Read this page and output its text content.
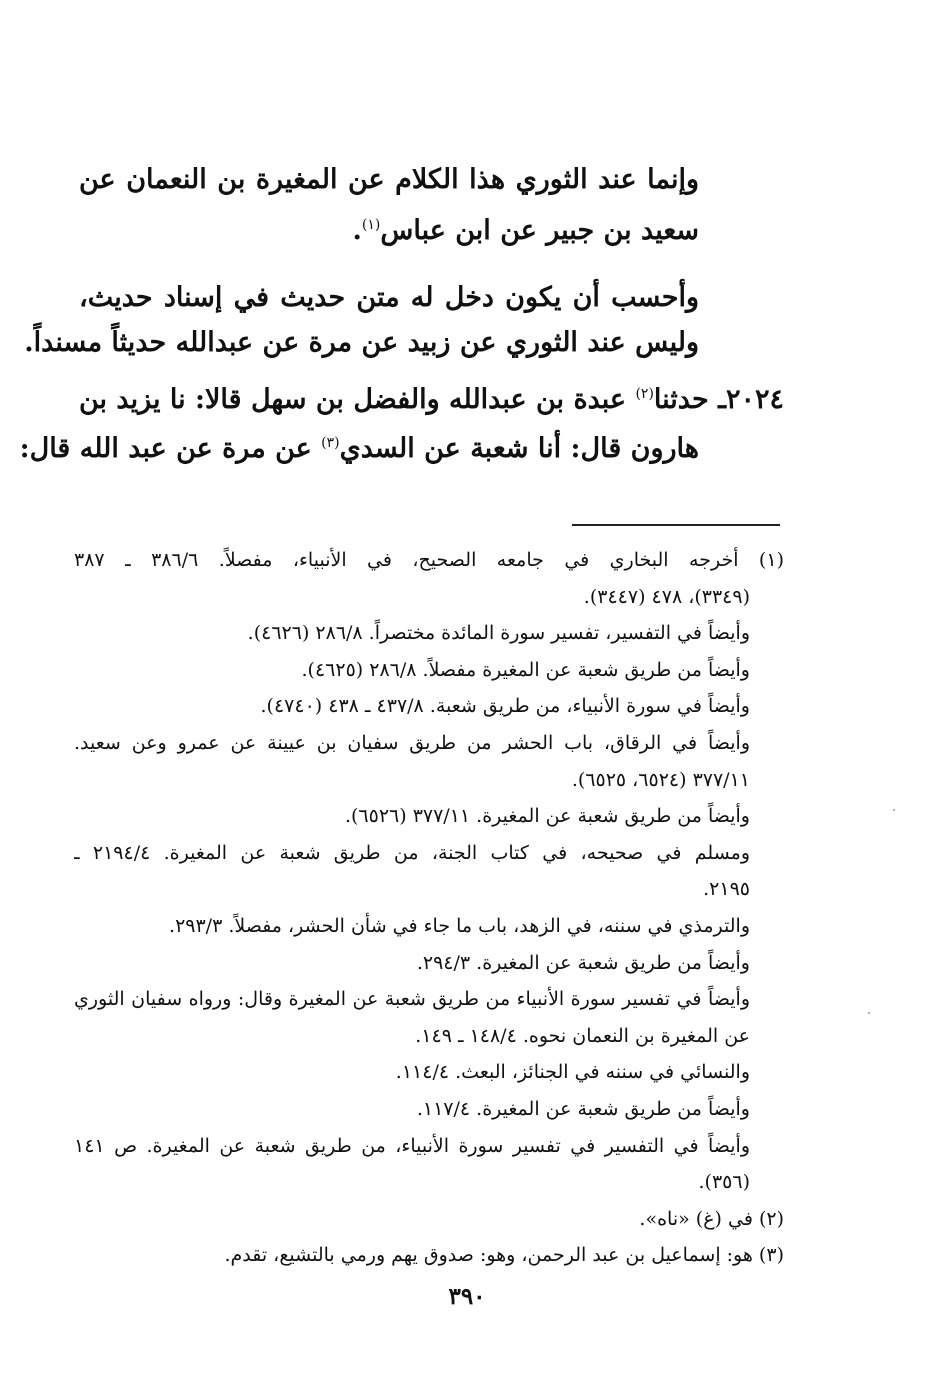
وإنما عند الثوري هذا الكلام عن المغيرة بن النعمان عن
سعيد بن جبير عن ابن عباس$^{(١)}$.
وأحسب أن يكون دخل له متن حديث في إسناد حديث،
وليس عند الثوري عن زبيد عن مرة عن عبدالله حديثاً مسنداً.
٢٠٢٤ـ حدثنا$^{(٢)}$ عبدة بن عبدالله والفضل بن سهل قالا: نا يزيد بن
هارون قال: أنا شعبة عن السدي$^{(٣)}$ عن مرة عن عبد الله قال:
(١) أخرجه البخاري في جامعه الصحيح، في الأنبياء، مفصلاً. ٣٨٦/٦ ـ ٣٨٧
(٣٣٤٩)، ٤٧٨ (٣٤٤٧).
وأيضاً في التفسير، تفسير سورة المائدة مختصراً. ٢٨٦/٨ (٤٦٢٦).
وأيضاً من طريق شعبة عن المغيرة مفصلاً. ٢٨٦/٨ (٤٦٢٥).
وأيضاً في سورة الأنبياء، من طريق شعبة. ٤٣٧/٨ ـ ٤٣٨ (٤٧٤٠).
وأيضاً في الرقاق، باب الحشر من طريق سفيان بن عيينة عن عمرو وعن سعيد.
٣٧٧/١١ (٦٥٢٤، ٦٥٢٥).
وأيضاً من طريق شعبة عن المغيرة. ٣٧٧/١١ (٦٥٢٦).
ومسلم في صحيحه، في كتاب الجنة، من طريق شعبة عن المغيرة. ٢١٩٤/٤ ـ
٢١٩٥.
والترمذي في سننه، في الزهد، باب ما جاء في شأن الحشر، مفصلاً. ٢٩٣/٣.
وأيضاً من طريق شعبة عن المغيرة. ٢٩٤/٣.
وأيضاً في تفسير سورة الأنبياء من طريق شعبة عن المغيرة وقال: ورواه سفيان الثوري
عن المغيرة بن النعمان نحوه. ١٤٨/٤ ـ ١٤٩.
والنسائي في سننه في الجنائز، البعث. ١١٤/٤.
وأيضاً من طريق شعبة عن المغيرة. ١١٧/٤.
وأيضاً في التفسير في تفسير سورة الأنبياء، من طريق شعبة عن المغيرة. ص ١٤١
(٣٥٦).
(٢) في (غ) «ناه».
(٣) هو: إسماعيل بن عبد الرحمن، وهو: صدوق يهم ورمي بالتشيع، تقدم.
٣٩٠
